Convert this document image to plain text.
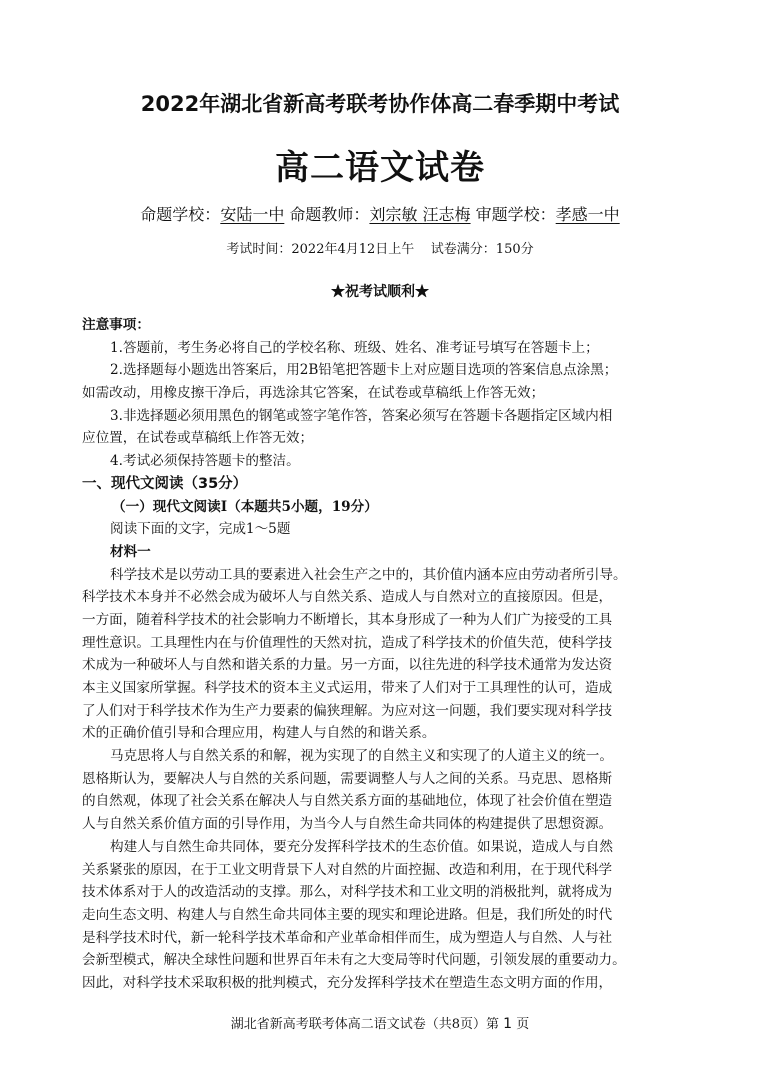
2022年湖北省新高考联考协作体高二春季期中考试
高二语文试卷
命题学校：安陆一中 命题教师：刘宗敏 汪志梅 审题学校：孝感一中
考试时间：2022年4月12日上午    试卷满分：150分
★祝考试顺利★
注意事项：
1.答题前，考生务必将自己的学校名称、班级、姓名、准考证号填写在答题卡上；
2.选择题每小题选出答案后，用2B铅笔把答题卡上对应题目选项的答案信息点涂黑；
如需改动，用橡皮擦干净后，再选涂其它答案，在试卷或草稿纸上作答无效；
3.非选择题必须用黑色的钢笔或签字笔作答，答案必须写在答题卡各题指定区域内相
应位置，在试卷或草稿纸上作答无效；
4.考试必须保持答题卡的整洁。
一、现代文阅读（35分）
（一）现代文阅读Ⅰ（本题共5小题，19分）
阅读下面的文字，完成1～5题
材料一
科学技术是以劳动工具的要素进入社会生产之中的，其价值内涵本应由劳动者所引导。
科学技术本身并不必然会成为破坏人与自然关系、造成人与自然对立的直接原因。但是，
一方面，随着科学技术的社会影响力不断增长，其本身形成了一种为人们广为接受的工具
理性意识。工具理性内在与价值理性的天然对抗，造成了科学技术的价值失范，使科学技
术成为一种破坏人与自然和谐关系的力量。另一方面，以往先进的科学技术通常为发达资
本主义国家所掌握。科学技术的资本主义式运用，带来了人们对于工具理性的认可，造成
了人们对于科学技术作为生产力要素的偏狭理解。为应对这一问题，我们要实现对科学技
术的正确价值引导和合理应用，构建人与自然的和谐关系。
马克思将人与自然关系的和解，视为实现了的自然主义和实现了的人道主义的统一。
恩格斯认为，要解决人与自然的关系问题，需要调整人与人之间的关系。马克思、恩格斯
的自然观，体现了社会关系在解决人与自然关系方面的基础地位，体现了社会价值在塑造
人与自然关系价值方面的引导作用，为当今人与自然生命共同体的构建提供了思想资源。
构建人与自然生命共同体，要充分发挥科学技术的生态价值。如果说，造成人与自然
关系紧张的原因，在于工业文明背景下人对自然的片面控掘、改造和利用，在于现代科学
技术体系对于人的改造活动的支撑。那么，对科学技术和工业文明的消极批判，就将成为
走向生态文明、构建人与自然生命共同体主要的现实和理论进路。但是，我们所处的时代
是科学技术时代，新一轮科学技术革命和产业革命相伴而生，成为塑造人与自然、人与社
会新型模式，解决全球性问题和世界百年未有之大变局等时代问题，引领发展的重要动力。
因此，对科学技术采取积极的批判模式，充分发挥科学技术在塑造生态文明方面的作用，
湖北省新高考联考体高二语文试卷（共8页）第 1 页
